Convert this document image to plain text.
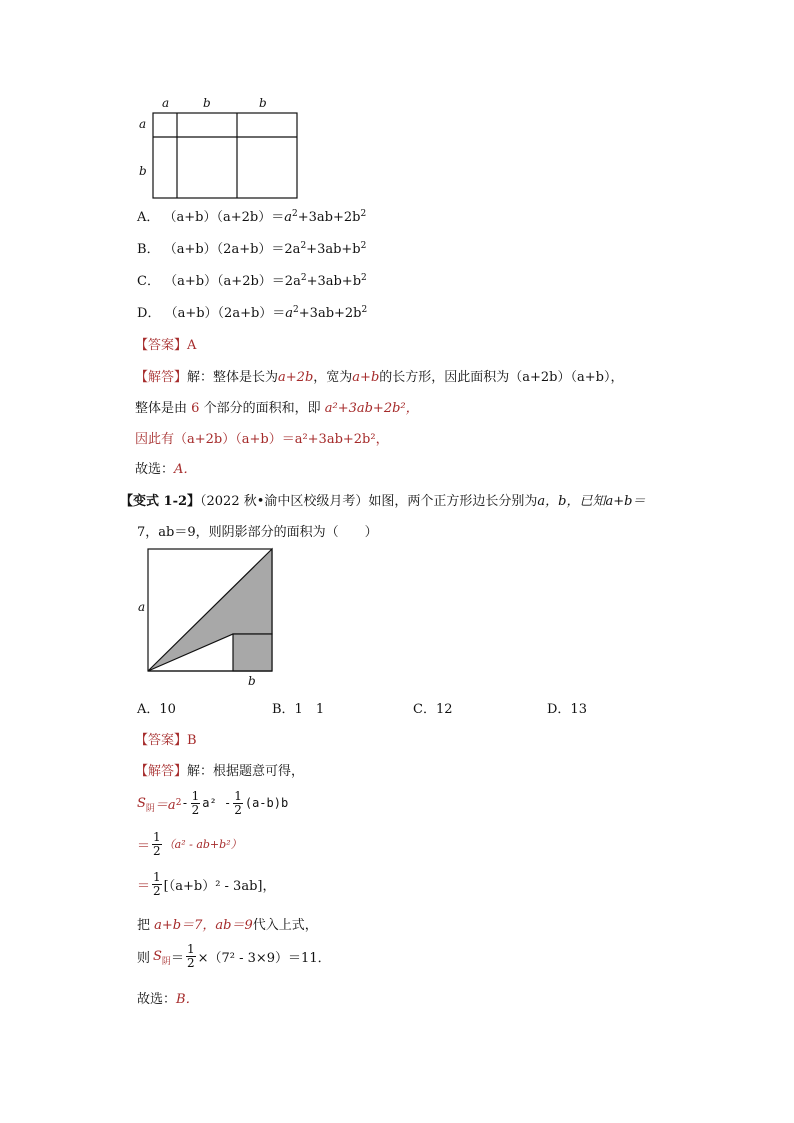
a	b	b
a
b
A． $(a+b)(a+2b)=a^2+3ab+2b^2$
B． $(a+b)(2a+b)=2a^2+3ab+b^2$
C． $(a+b)(a+2b)=2a^2+3ab+b^2$
D． $(a+b)(2a+b)=a^2+3ab+2b^2$
【答案】A
【解答】解：整体是长为a+2b，宽为a+b的长方形，因此面积为（a+2b）（a+b），
整体是由 6 个部分的面积和，即 a²+3ab+2b²，
因此有（a+2b）（a+b）＝a²+3ab+2b²，
故选：A．
【变式 1-2】（2022 秋•渝中区校级月考）如图，两个正方形边长分别为a，b，已知a+b＝
7，ab＝9，则阴影部分的面积为（　　）
a
b
A．10	B．1　1	C．12	D．13
【答案】B
【解答】解：根据题意可得，
S 阴 ＝a $2 - \frac{1}{2} a^2 - \frac{1}{2} (a-b)b$
＝ $\frac{1}{2} (a^2 - ab+b^2)$
＝ $\frac{1}{2} [(a+b)^2 - 3ab]$，
把 a+b＝7，ab＝9代入上式，
则 S 阴 ＝ $\frac{1}{2} \times(7^2 - 3\times 9)=11$．
故选：B．
